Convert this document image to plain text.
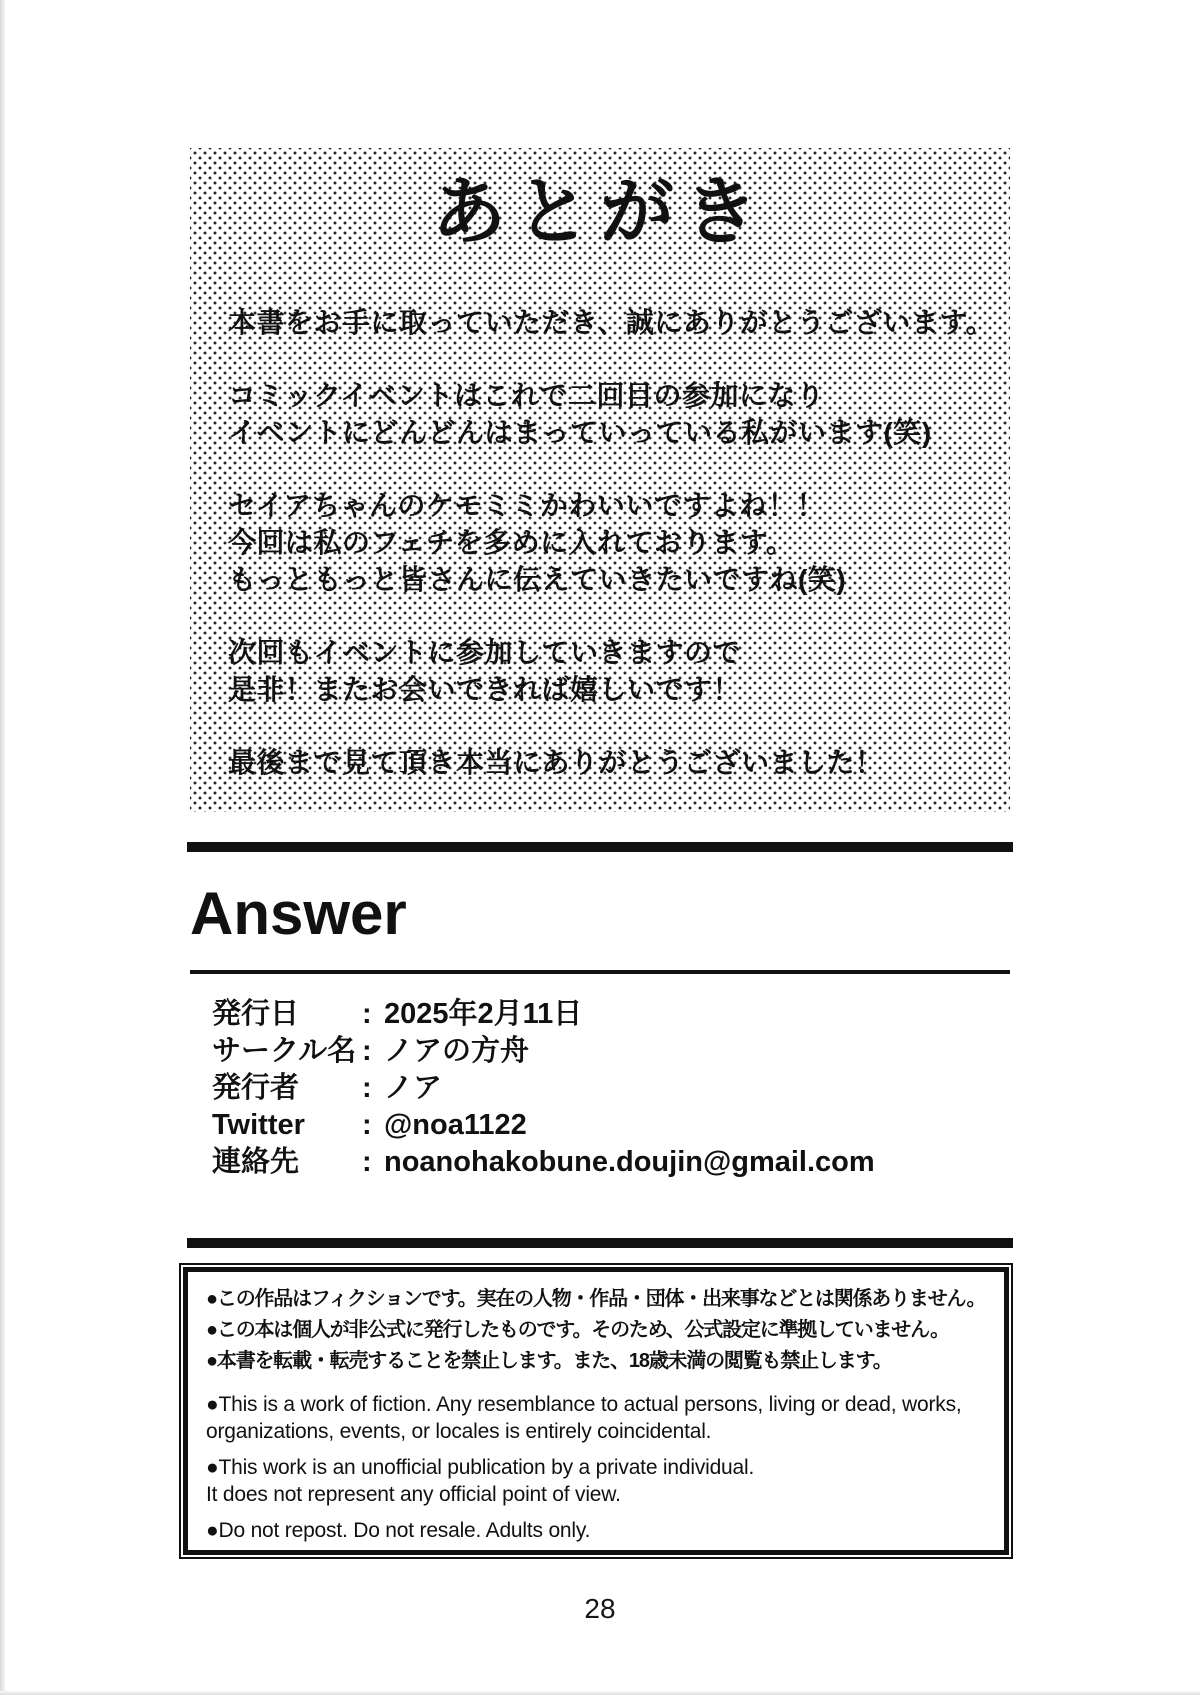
あとがき

本書をお手に取っていただき、誠にありがとうございます。

コミックイベントはこれで二回目の参加になり
イベントにどんどんはまっていっている私がいます(笑)

セイアちゃんのケモミミかわいいですよね！！
今回は私のフェチを多めに入れております。
もっともっと皆さんに伝えていきたいですね(笑)

次回もイベントに参加していきますので
是非！またお会いできれば嬉しいです！

最後まで見て頂き本当にありがとうございました！

Answer
発行日	: 2025年2月11日
サークル名 : ノアの方舟
発行者	: ノア
Twitter	: @noa1122
連絡先	: noanohakobune.doujin@gmail.com
●この作品はフィクションです。実在の人物・作品・団体・出来事などとは関係ありません。
●この本は個人が非公式に発行したものです。そのため、公式設定に準拠していません。
●本書を転載・転売することを禁止します。また、18歳未満の閲覧も禁止します。
●This is a work of fiction. Any resemblance to actual persons, living or dead, works,
organizations, events, or locales is entirely coincidental.
●This work is an unofficial publication by a private individual.
It does not represent any official point of view.
●Do not repost. Do not resale. Adults only.
28
